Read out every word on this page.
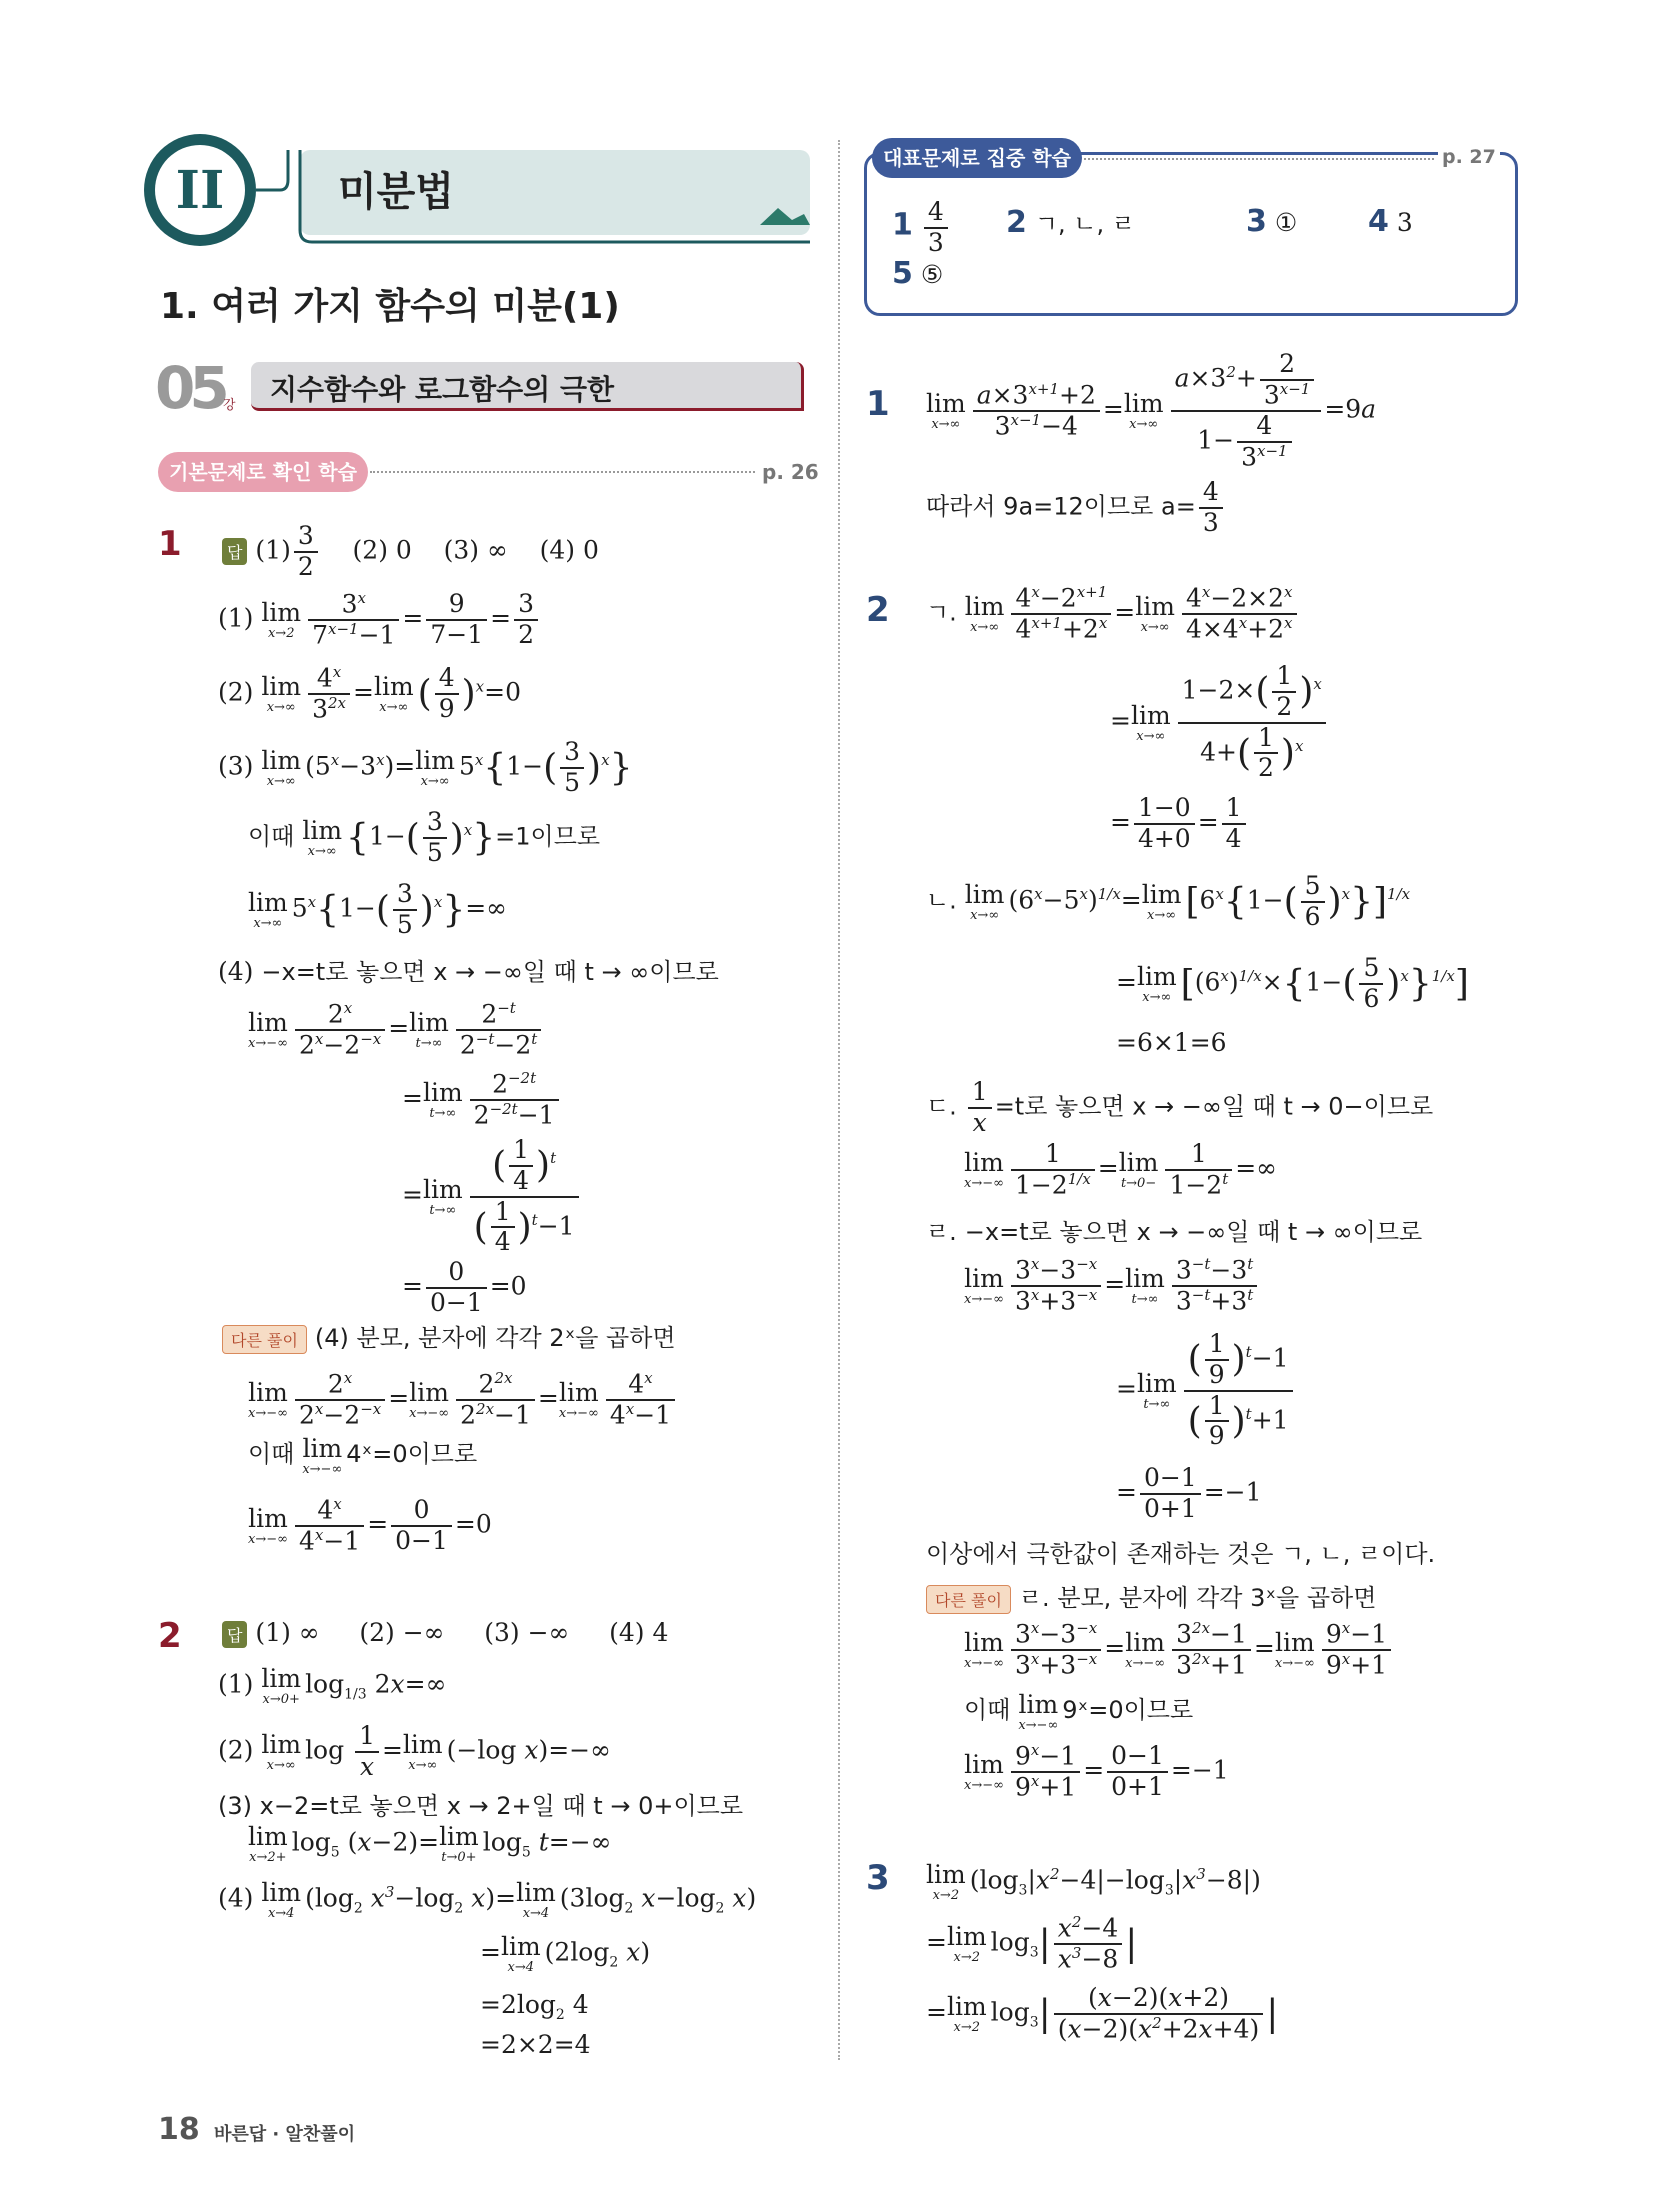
II	미분법
1. 여러 가지 함수의 미분(1)
05 강 지수함수와 로그함수의 극한
기본문제로 확인 학습	p. 26
1	답 $(1) \frac{3}{2} (2)$ 0 (3) ∞ (4) 0
(1) lim
$x\to 2 \frac{3^x}{7^{x-1}-1} = \frac{9}{7-1} = \frac{3}{2}$
(2) lim
$x\to\infty \frac{4^x}{3^{2x}} = \lim$
x→∞ ( $\frac{4}{9} )^x=0$
(3) lim
x→∞
$(5^x-3^x)= \lim$
x→∞
$5^x\{1-( \frac{3}{5} )^x\}$
이때 lim
x→∞ $\{1-( \frac{3}{5} )^x\}=1$이므로
lim
x→∞
$5^x\{1-( \frac{3}{5} )^x\}=\infty$
(4) −x=t로 놓으면 x → −∞일 때 t → ∞이므로
lim
$x\to-\infty \frac{2^x}{2^x-2^{-x}} = \lim$
$t\to\infty \frac{2^{-t}}{2^{-t}-2^t}$
= lim
$t\to\infty \frac{2^{-2t}}{2^{-2t}-1}$
= lim
$t\to\infty \frac{( \frac{1}{4} )^t}{( \frac{1}{4} )^t-1}$
= $\frac{0}{0-1} =0$
다른 풀이 (4) 분모, 분자에 각각 2ˣ을 곱하면
lim
$x\to-\infty \frac{2^x}{2^x-2^{-x}} = \lim$
$x\to-\infty \frac{2^{2x}}{2^{2x}-1} = \lim$
$x\to-\infty \frac{4^x}{4^x-1}$
이때 lim
x→−∞
4ˣ=0이므로
lim
$x\to-\infty \frac{4^x}{4^x-1} = \frac{0}{0-1} =0$
2	답 (1) ∞ (2) −∞ (3) −∞ (4) 4
(1) lim
x→0+
$\log_{1/3} 2x=\infty$
(2) lim
x→∞
$\log \frac{1}{x} = \lim$
x→∞
(−log x)=−∞
(3) x−2=t로 놓으면 x → 2+일 때 t → 0+이므로
lim
x→2+
$\log_5 (x-2)= \lim$
t→0+
$\log_5 t=-\infty$
(4) lim
x→4
($\log_2$ $x^3-\log_2$ x)= lim
x→4
($3\log_2$ $x-\log_2$ x)
= lim
x→4
($2\log_2$ x)
$=2\log_2$ 4
=2×2=4
18 바른답 · 알찬풀이
대표문제로 집중 학습	p. 27
$1 \frac{4}{3} 2$ ㄱ, ㄴ, ㄹ	3 ① 4 3
5 ⑤
1 lim
$x\to\infty \frac{a\times 3^{x+1}+2}{3^{x-1}-4} = \lim$
$x\to\infty \frac{a\times 3^2+ \frac{2}{3^{x-1}}}{1- \frac{4}{3^{x-1}}} =9a$
따라서 9a=12이므로 $a= \frac{4}{3}$
2 ㄱ. lim
$x\to\infty \frac{4^x-2^{x+1}}{4^{x+1}+2^x} = \lim$
$x\to\infty \frac{4^x-2\times 2^x}{4\times 4^x+2^x}$
= lim
$x\to\infty \frac{1-2\times( \frac{1}{2} )^x}{4+( \frac{1}{2} )^x}$
= $\frac{1-0}{4+0} = \frac{1}{4}$
ㄴ. lim
x→∞
$(6^x-5^x)^{1/x}= \lim$
x→∞ $[6^x\{1-( \frac{5}{6} )^x\}]^{1/x}$
= lim
x→∞ $[(6^x)^{1/x}\times\{1-( \frac{5}{6} )^x\}^{1/x}]$
=6×1=6
ㄷ. $\frac{1}{x} =t$로 놓으면 x → −∞일 때 t → 0−이므로
lim
$x\to-\infty \frac{1}{1-2^{1/x}} = \lim$
$t\to 0- \frac{1}{1-2^t}$ =∞
ㄹ. −x=t로 놓으면 x → −∞일 때 t → ∞이므로
lim
$x\to-\infty \frac{3^x-3^{-x}}{3^x+3^{-x}} = \lim$
$t\to\infty \frac{3^{-t}-3^t}{3^{-t}+3^t}$
= lim
$t\to\infty \frac{( \frac{1}{9} )^t-1}{( \frac{1}{9} )^t+1}$
= $\frac{0-1}{0+1} =-1$
이상에서 극한값이 존재하는 것은 ㄱ, ㄴ, ㄹ이다.
다른 풀이 ㄹ. 분모, 분자에 각각 3ˣ을 곱하면
lim
$x\to-\infty \frac{3^x-3^{-x}}{3^x+3^{-x}} = \lim$
$x\to-\infty \frac{3^{2x}-1}{3^{2x}+1} = \lim$
$x\to-\infty \frac{9^x-1}{9^x+1}$
이때 lim
x→−∞
9ˣ=0이므로
lim
$x\to-\infty \frac{9^x-1}{9^x+1} = \frac{0-1}{0+1} =-1$
3 lim
x→2
$(\log_3|x^2-4|-\log_3|x^3-8|)$
= lim
x→2
$\log_3| \frac{x^2-4}{x^3-8}$ |
= lim
x→2
$\log_3| \frac{(x-2)(x+2)}{(x-2)(x^2+2x+4)}$ |
